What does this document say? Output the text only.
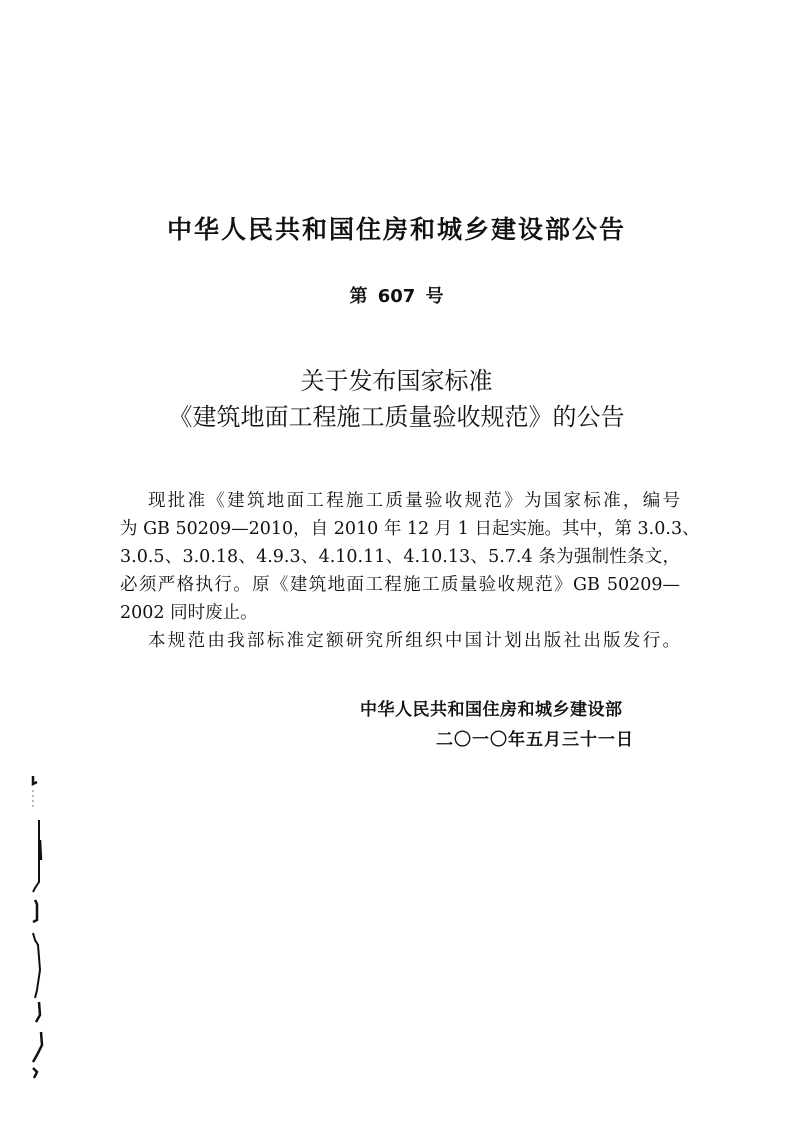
中华人民共和国住房和城乡建设部公告
第 607 号
关于发布国家标准
《建筑地面工程施工质量验收规范》的公告
现批准《建筑地面工程施工质量验收规范》为国家标准，编号
为 GB 50209—2010，自 2010 年 12 月 1 日起实施。其中，第 3.0.3、
3.0.5、3.0.18、4.9.3、4.10.11、4.10.13、5.7.4 条为强制性条文，
必须严格执行。原《建筑地面工程施工质量验收规范》GB 50209—
2002 同时废止。
本规范由我部标准定额研究所组织中国计划出版社出版发行。
中华人民共和国住房和城乡建设部
二〇一〇年五月三十一日
